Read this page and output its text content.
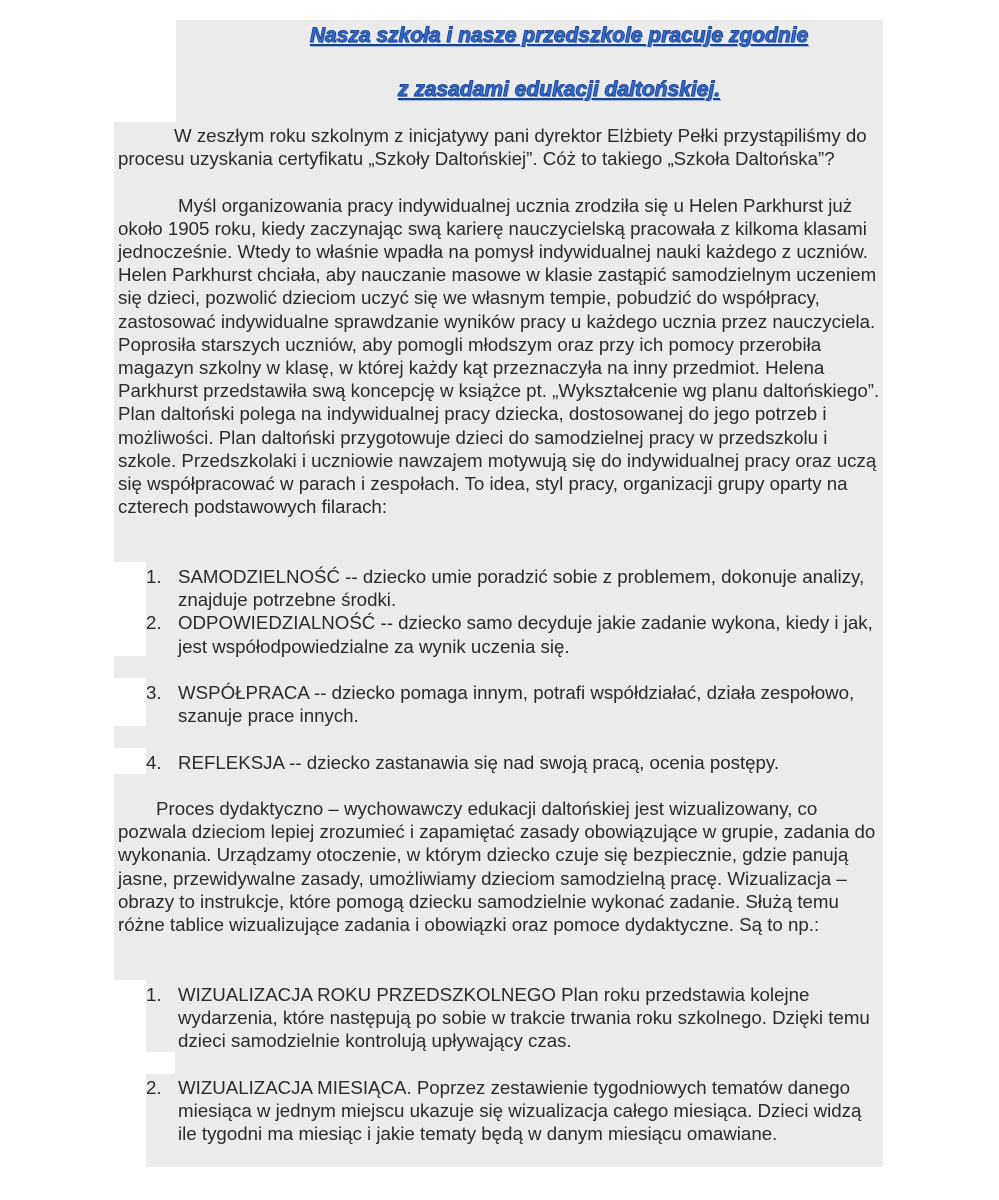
Nasza szkoła i nasze przedszkole pracuje zgodnie
z zasadami edukacji daltońskiej.

W zeszłym roku szkolnym z inicjatywy pani dyrektor Elżbiety Pełki przystąpiliśmy do procesu uzyskania certyfikatu „Szkoły Daltońskiej”. Cóż to takiego „Szkoła Daltońska”?

Myśl organizowania pracy indywidualnej ucznia zrodziła się u Helen Parkhurst już około 1905 roku, kiedy zaczynając swą karierę nauczycielską pracowała z kilkoma klasami jednocześnie. Wtedy to właśnie wpadła na pomysł indywidualnej nauki każdego z uczniów. Helen Parkhurst chciała, aby nauczanie masowe w klasie zastąpić samodzielnym uczeniem się dzieci, pozwolić dzieciom uczyć się we własnym tempie, pobudzić do współpracy, zastosować indywidualne sprawdzanie wyników pracy u każdego ucznia przez nauczyciela. Poprosiła starszych uczniów, aby pomogli młodszym oraz przy ich pomocy przerobiła magazyn szkolny w klasę, w której każdy kąt przeznaczyła na inny przedmiot. Helena Parkhurst przedstawiła swą koncepcję w książce pt. „Wykształcenie wg planu daltońskiego”. Plan daltoński polega na indywidualnej pracy dziecka, dostosowanej do jego potrzeb i możliwości. Plan daltoński przygotowuje dzieci do samodzielnej pracy w przedszkolu i szkole. Przedszkolaki i uczniowie nawzajem motywują się do indywidualnej pracy oraz uczą się współpracować w parach i zespołach. To idea, styl pracy, organizacji grupy oparty na czterech podstawowych filarach:

1. SAMODZIELNOŚĆ -- dziecko umie poradzić sobie z problemem, dokonuje analizy, znajduje potrzebne środki.
2. ODPOWIEDZIALNOŚĆ -- dziecko samo decyduje jakie zadanie wykona, kiedy i jak, jest współodpowiedzialne za wynik uczenia się.
3. WSPÓŁPRACA -- dziecko pomaga innym, potrafi współdziałać, działa zespołowo, szanuje prace innych.
4. REFLEKSJA -- dziecko zastanawia się nad swoją pracą, ocenia postępy.

Proces dydaktyczno – wychowawczy edukacji daltońskiej jest wizualizowany, co pozwala dzieciom lepiej zrozumieć i zapamiętać zasady obowiązujące w grupie, zadania do wykonania. Urządzamy otoczenie, w którym dziecko czuje się bezpiecznie, gdzie panują jasne, przewidywalne zasady, umożliwiamy dzieciom samodzielną pracę. Wizualizacja – obrazy to instrukcje, które pomogą dziecku samodzielnie wykonać zadanie. Służą temu różne tablice wizualizujące zadania i obowiązki oraz pomoce dydaktyczne. Są to np.:

1. WIZUALIZACJA ROKU PRZEDSZKOLNEGO Plan roku przedstawia kolejne wydarzenia, które następują po sobie w trakcie trwania roku szkolnego. Dzięki temu dzieci samodzielnie kontrolują upływający czas.
2. WIZUALIZACJA MIESIĄCA. Poprzez zestawienie tygodniowych tematów danego miesiąca w jednym miejscu ukazuje się wizualizacja całego miesiąca. Dzieci widzą ile tygodni ma miesiąc i jakie tematy będą w danym miesiącu omawiane.
